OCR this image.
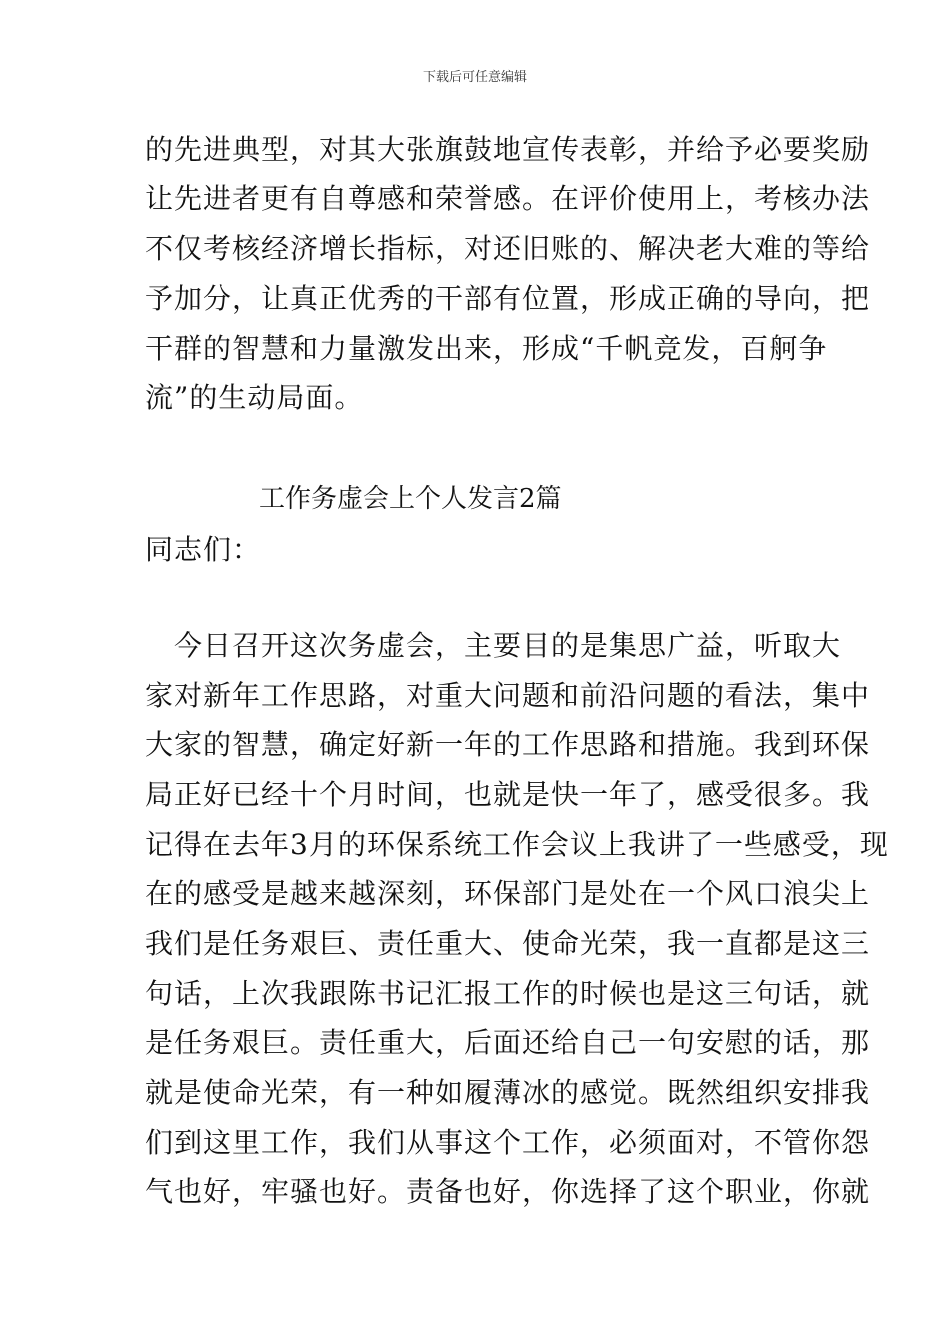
下载后可任意编辑
的先进典型，对其大张旗鼓地宣传表彰，并给予必要奖励
让先进者更有自尊感和荣誉感。在评价使用上，考核办法
不仅考核经济增长指标，对还旧账的、解决老大难的等给
予加分，让真正优秀的干部有位置，形成正确的导向，把
干群的智慧和力量激发出来，形成“千帆竞发，百舸争
流”的生动局面。
工作务虚会上个人发言2篇
同志们：
　今日召开这次务虚会，主要目的是集思广益，听取大
家对新年工作思路，对重大问题和前沿问题的看法，集中
大家的智慧，确定好新一年的工作思路和措施。我到环保
局正好已经十个月时间，也就是快一年了，感受很多。我
记得在去年3月的环保系统工作会议上我讲了一些感受，现
在的感受是越来越深刻，环保部门是处在一个风口浪尖上
我们是任务艰巨、责任重大、使命光荣，我一直都是这三
句话，上次我跟陈书记汇报工作的时候也是这三句话，就
是任务艰巨。责任重大，后面还给自己一句安慰的话，那
就是使命光荣，有一种如履薄冰的感觉。既然组织安排我
们到这里工作，我们从事这个工作，必须面对，不管你怨
气也好，牢骚也好。责备也好，你选择了这个职业，你就
